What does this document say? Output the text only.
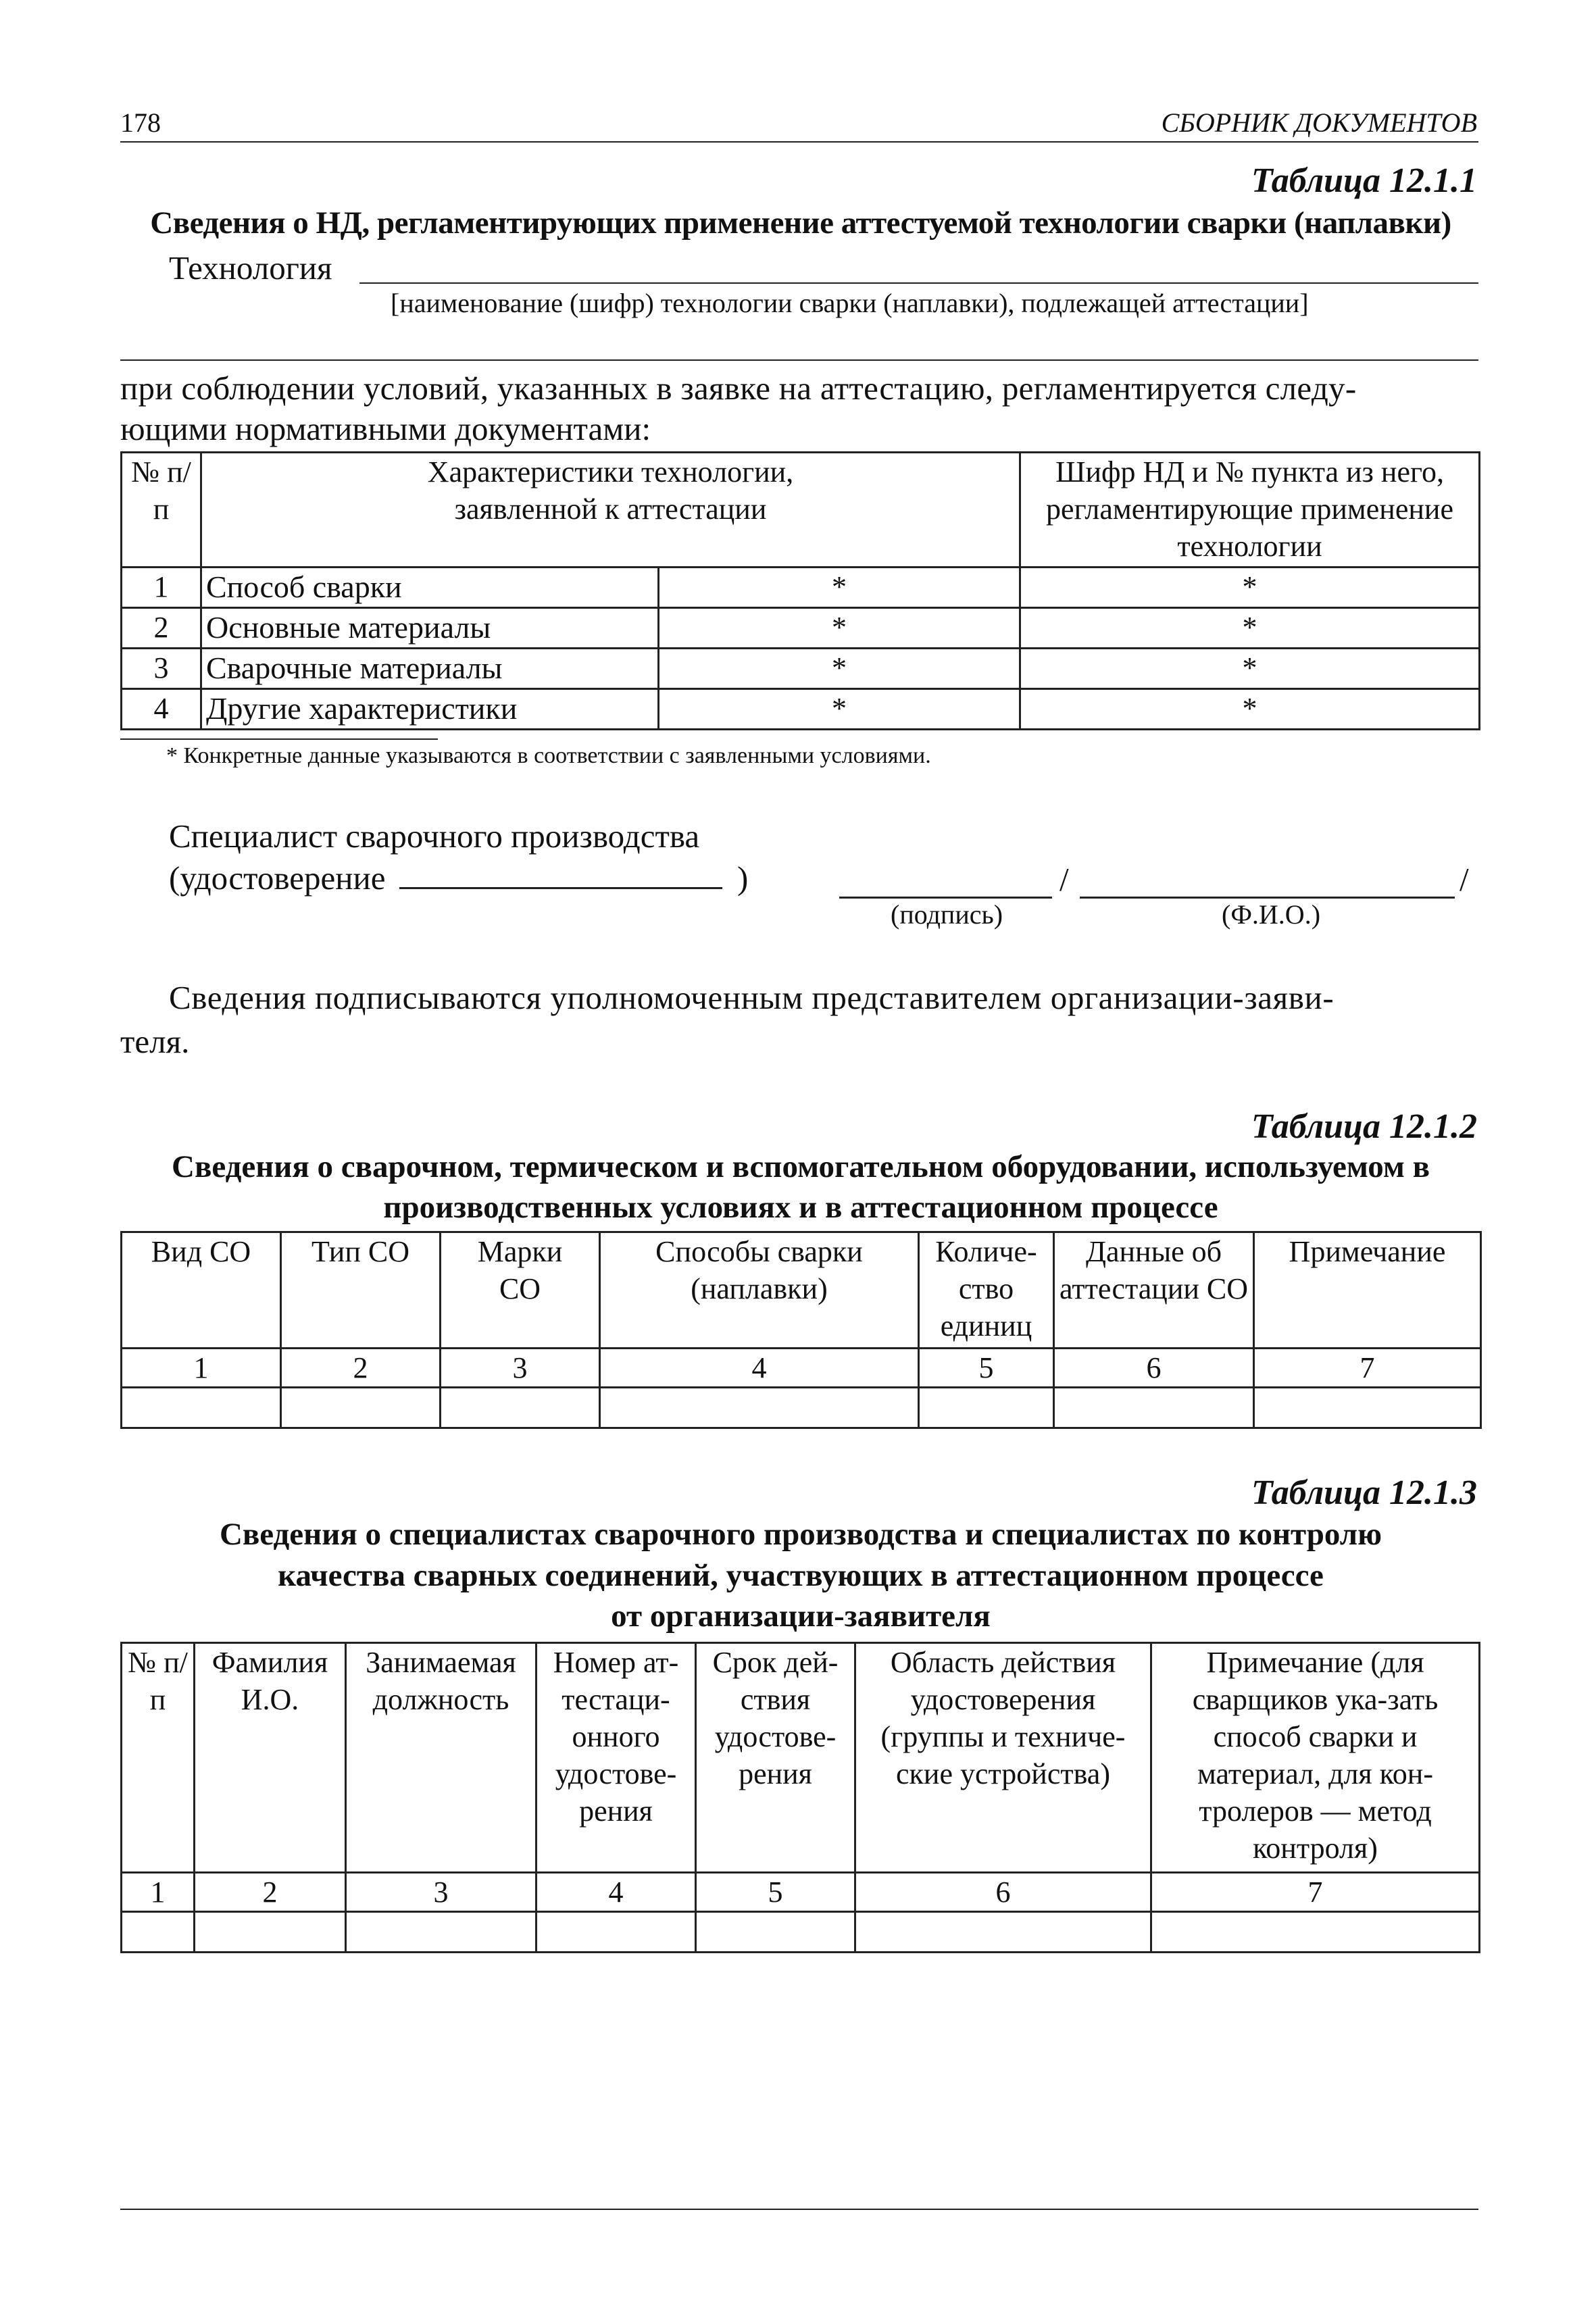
178	СБОРНИК ДОКУМЕНТОВ
Таблица 12.1.1
Сведения о НД, регламентирующих применение аттестуемой технологии сварки (наплавки)
Технология
[наименование (шифр) технологии сварки (наплавки), подлежащей аттестации]
при соблюдении условий, указанных в заявке на аттестацию, регламентируется следу-
ющими нормативными документами:
№ п/п	Характеристики технологии, заявленной к аттестации		Шифр НД и № пункта из него, регламентирующие применение технологии
1	Способ сварки	*	*
2	Основные материалы	*	*
3	Сварочные материалы	*	*
4	Другие характеристики	*	*
* Конкретные данные указываются в соответствии с заявленными условиями.
Специалист сварочного производства
(удостоверение	)	/	/
(подпись)	(Ф.И.О.)
Сведения подписываются уполномоченным представителем организации-заяви-
теля.
Таблица 12.1.2
Сведения о сварочном, термическом и вспомогательном оборудовании, используемом в
производственных условиях и в аттестационном процессе
Вид СО	Тип СО	Марки СО	Способы сварки (наплавки)	Количе-ство единиц	Данные об аттестации СО	Примечание
1	2	3	4	5	6	7

Таблица 12.1.3
Сведения о специалистах сварочного производства и специалистах по контролю
качества сварных соединений, участвующих в аттестационном процессе
от организации-заявителя
№ п/п	Фамилия И.О.	Занимаемая должность	Номер ат-тестаци-онного удостове-рения	Срок дей-ствия удостове-рения	Область действия удостоверения (группы и техниче-ские устройства)	Примечание (для сварщиков ука-зать способ сварки и материал, для кон-тролеров — метод контроля)
1	2	3	4	5	6	7
